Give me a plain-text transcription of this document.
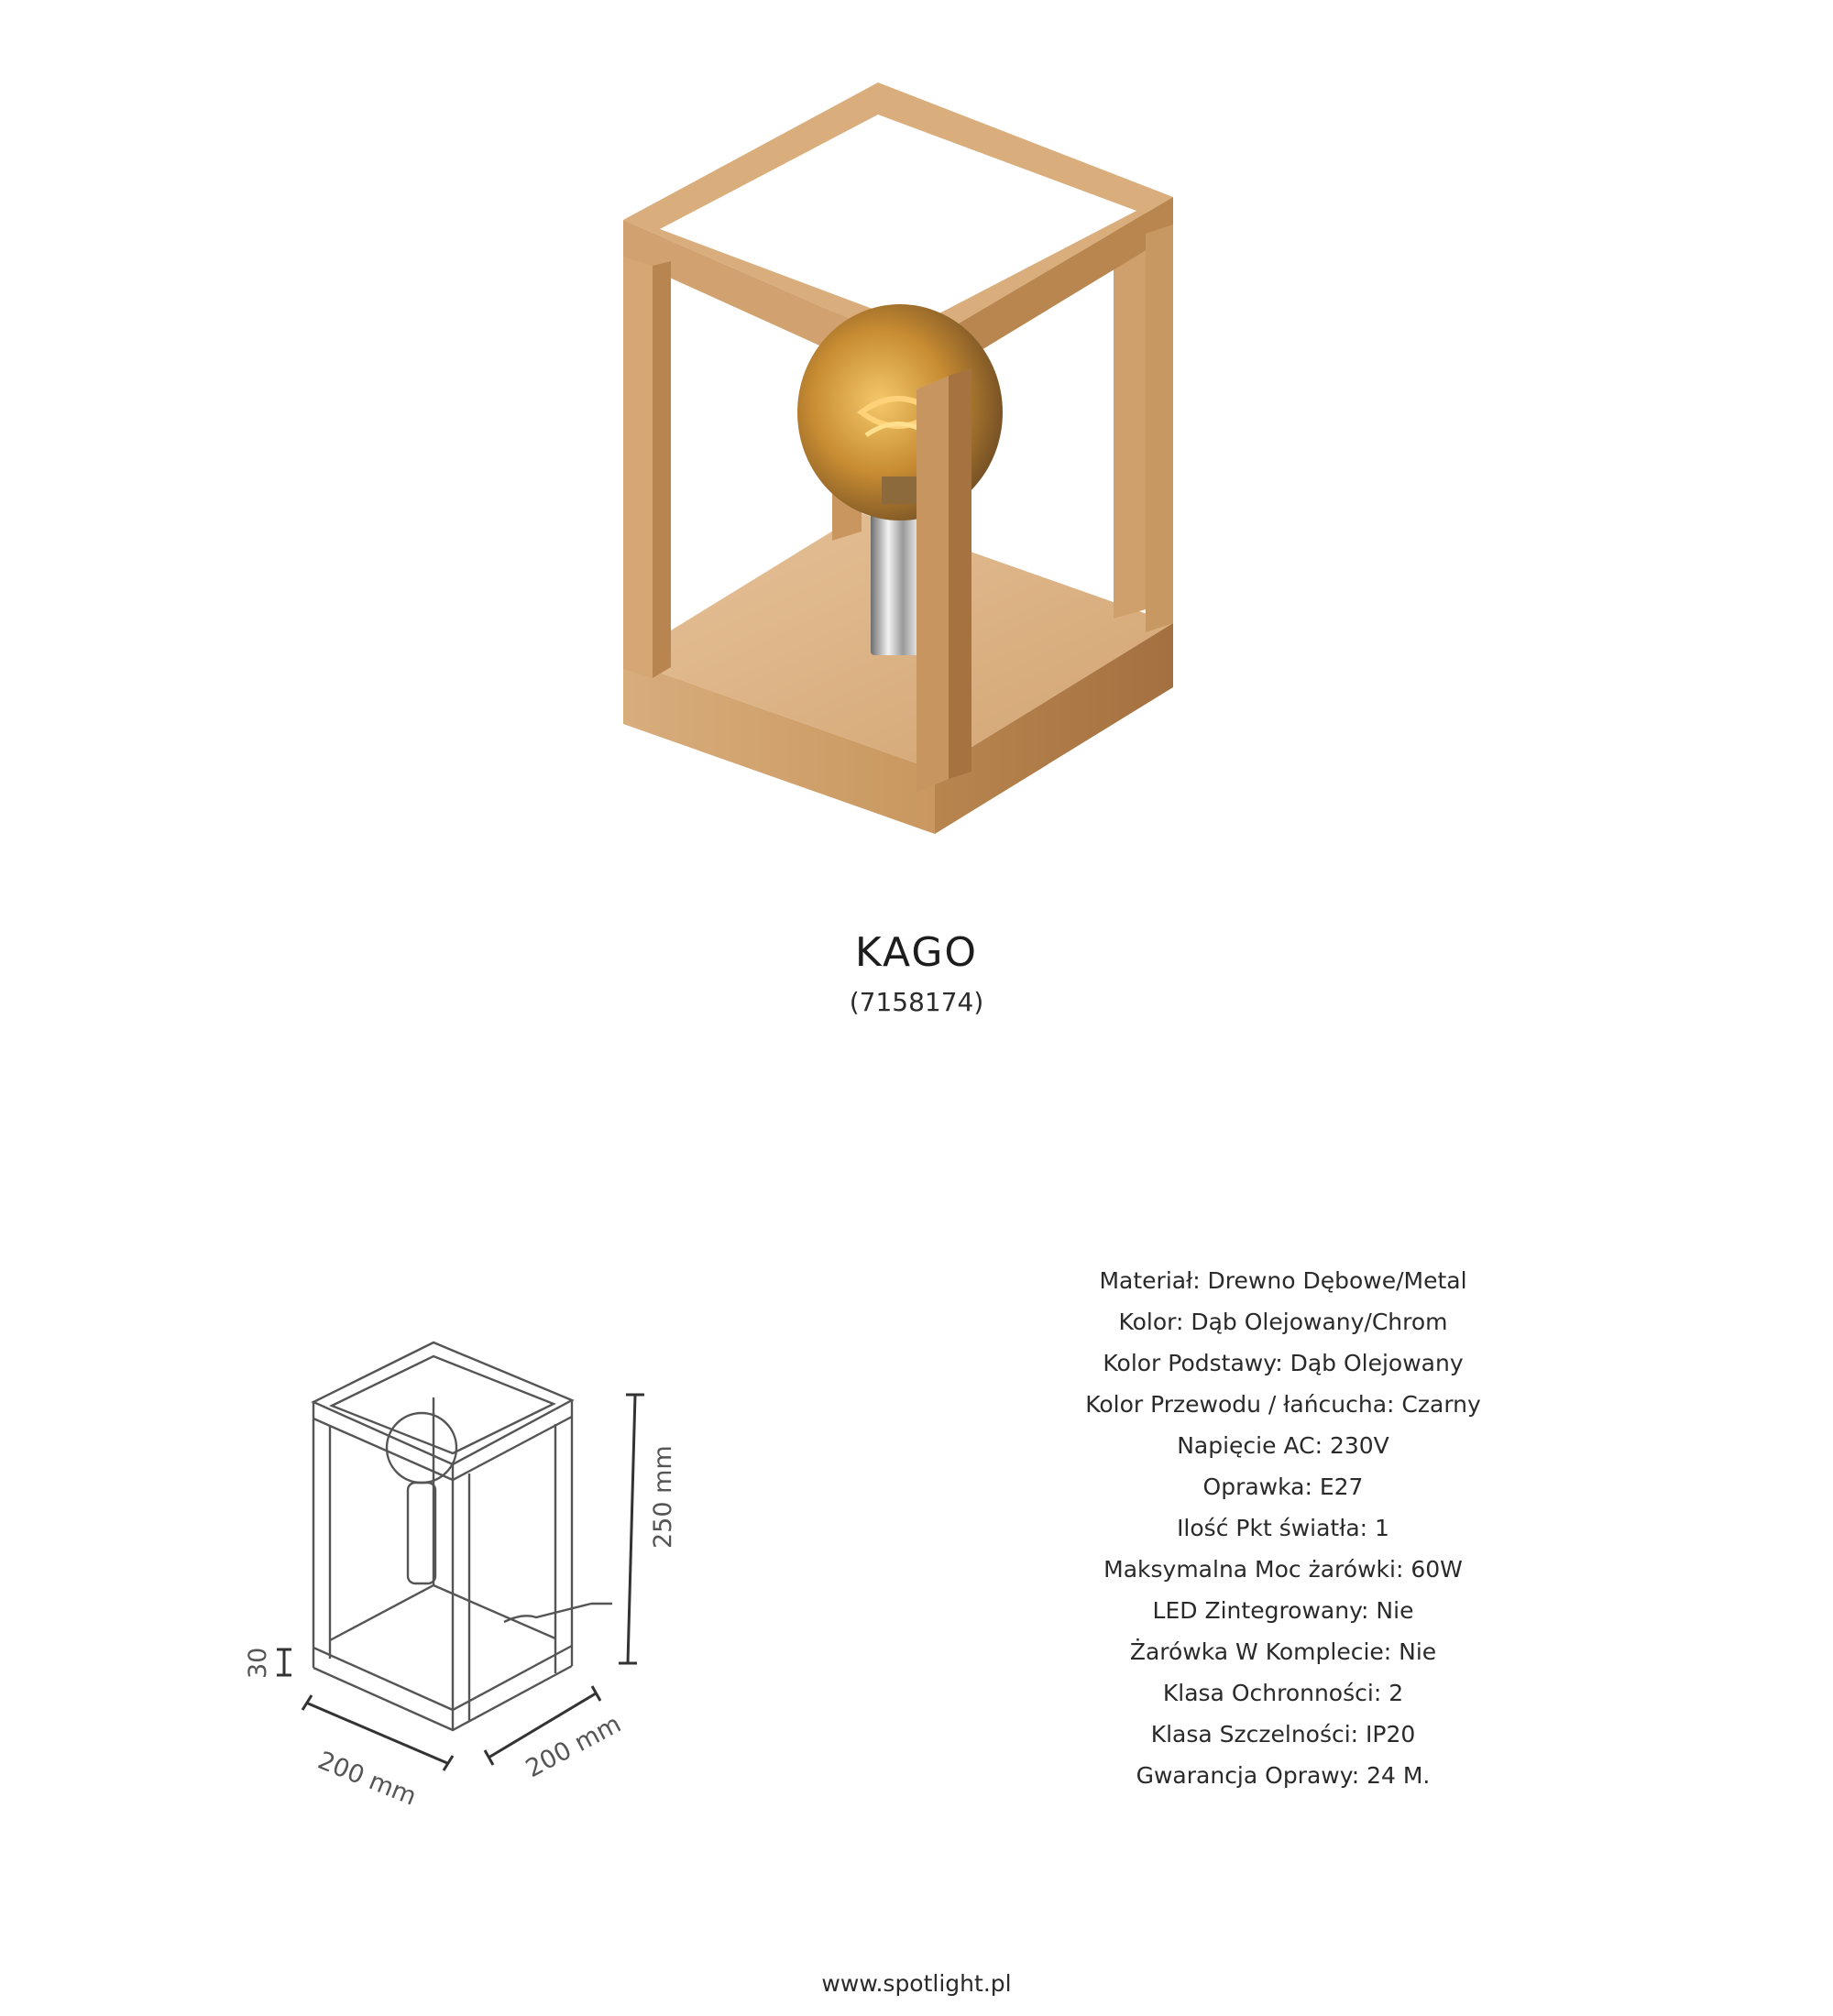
KAGO
(7158174)
250 mm
30
200 mm	200 mm
Materiał: Drewno Dębowe/Metal
Kolor: Dąb Olejowany/Chrom
Kolor Podstawy: Dąb Olejowany
Kolor Przewodu / łańcucha: Czarny
Napięcie AC: 230V
Oprawka: E27
Ilość Pkt światła: 1
Maksymalna Moc żarówki: 60W
LED Zintegrowany: Nie
Żarówka W Komplecie: Nie
Klasa Ochronności: 2
Klasa Szczelności: IP20
Gwarancja Oprawy: 24 M.
www.spotlight.pl
